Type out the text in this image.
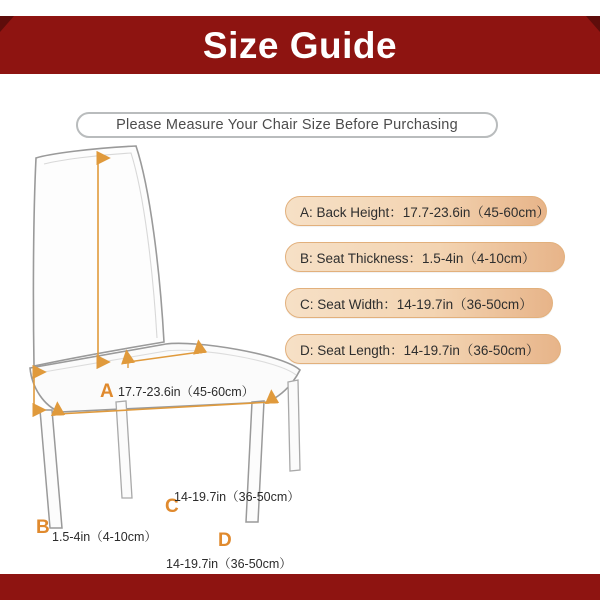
Size Guide
Please Measure Your Chair Size Before Purchasing
A: Back Height：17.7-23.6in（45-60cm）
B: Seat Thickness：1.5-4in（4-10cm）
C: Seat Width：14-19.7in（36-50cm）
D: Seat Length：14-19.7in（36-50cm）
A 17.7-23.6in（45-60cm）
C
14-19.7in（36-50cm）
B 1.5-4in（4-10cm）	D
14-19.7in（36-50cm）
